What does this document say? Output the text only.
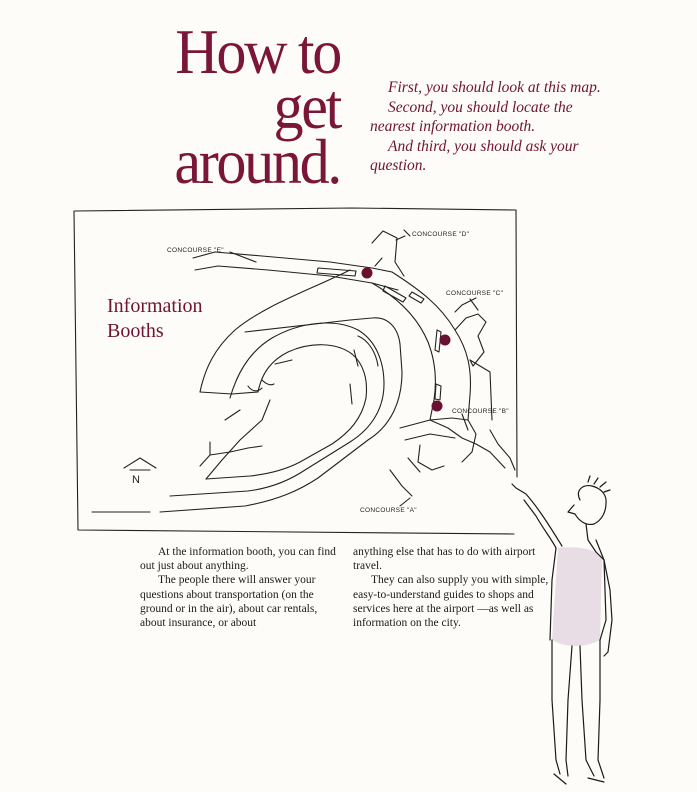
How to
get
around.

First, you should look at this map.

Second, you should locate the nearest information booth.

And third, you should ask your question.

CONCOURSE "D"
CONCOURSE "E"
CONCOURSE "C"
CONCOURSE "B"
CONCOURSE "A"
Information
Booths
N

At the information booth, you can find out just about anything.

The people there will answer your questions about transportation (on the ground or in the air), about car rentals, about insurance, or about

anything else that has to do with airport travel.

They can also supply you with simple, easy-to-understand guides to shops and services here at the airport —as well as information on the city.
